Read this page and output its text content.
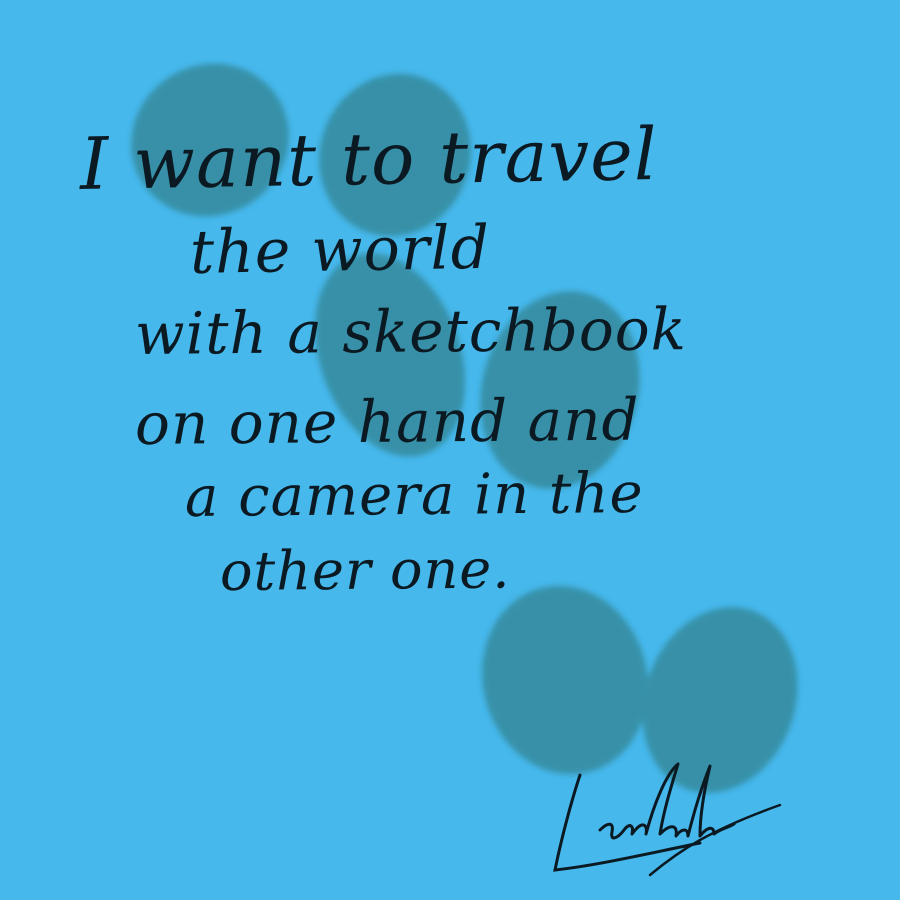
I want to travel

the world

with a sketchbook

on one hand and

a camera in the

other one.
